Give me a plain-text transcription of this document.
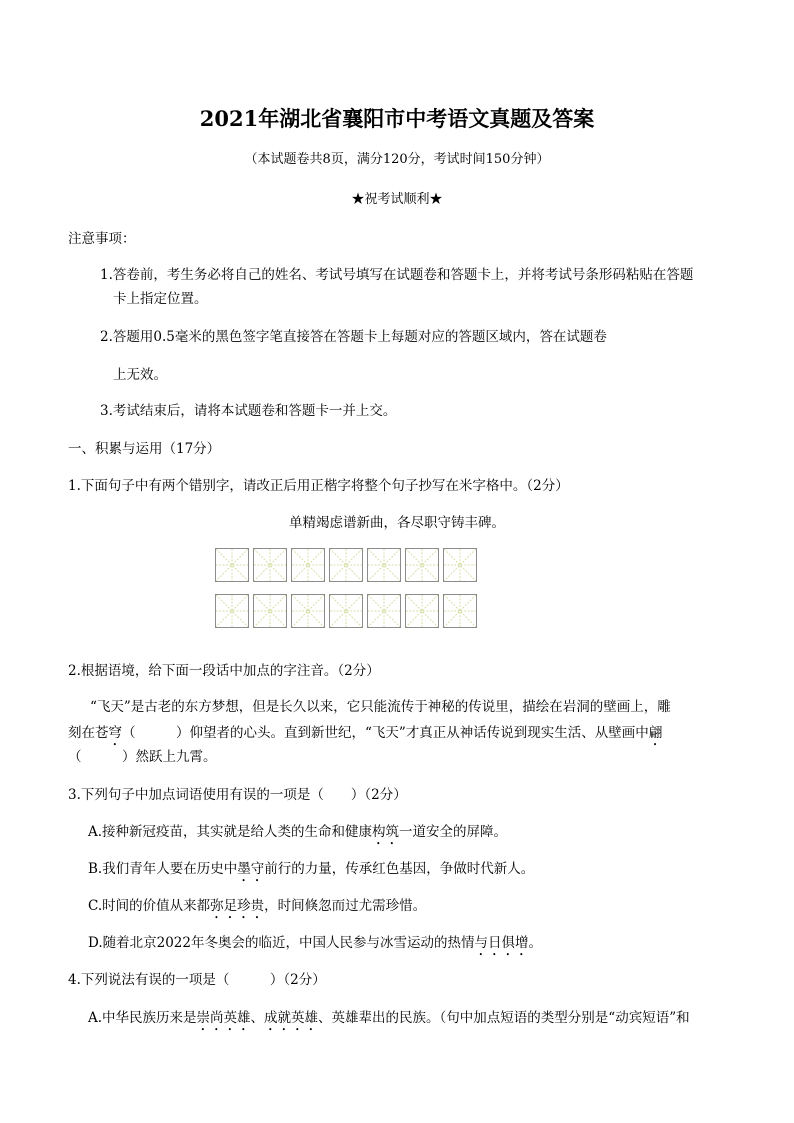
2021年湖北省襄阳市中考语文真题及答案
（本试题卷共8页，满分120分，考试时间150分钟）
★祝考试顺利★
注意事项：
1.答卷前，考生务必将自己的姓名、考试号填写在试题卷和答题卡上，并将考试号条形码粘贴在答题
卡上指定位置。
2.答题用0.5毫米的黑色签字笔直接答在答题卡上每题对应的答题区域内，答在试题卷
上无效。
3.考试结束后，请将本试题卷和答题卡一并上交。
一、积累与运用（17分）
1.下面句子中有两个错别字，请改正后用正楷字将整个句子抄写在米字格中。（2分）
单精竭虑谱新曲，各尽职守铸丰碑。
2.根据语境，给下面一段话中加点的字注音。（2分）
“飞天”是古老的东方梦想，但是长久以来，它只能流传于神秘的传说里，描绘在岩洞的壁画上，雕
刻在苍穹（　　　）仰望者的心头。直到新世纪，“飞天”才真正从神话传说到现实生活、从壁画中翩
（　　　）然跃上九霄。
3.下列句子中加点词语使用有误的一项是（　　）（2分）
A.接种新冠疫苗，其实就是给人类的生命和健康构筑一道安全的屏障。
B.我们青年人要在历史中墨守前行的力量，传承红色基因，争做时代新人。
C.时间的价值从来都弥足珍贵，时间倏忽而过尤需珍惜。
D.随着北京2022年冬奥会的临近，中国人民参与冰雪运动的热情与日俱增。
4.下列说法有误的一项是（　　　）（2分）
A.中华民族历来是崇尚英雄、成就英雄、英雄辈出的民族。（句中加点短语的类型分别是“动宾短语”和
